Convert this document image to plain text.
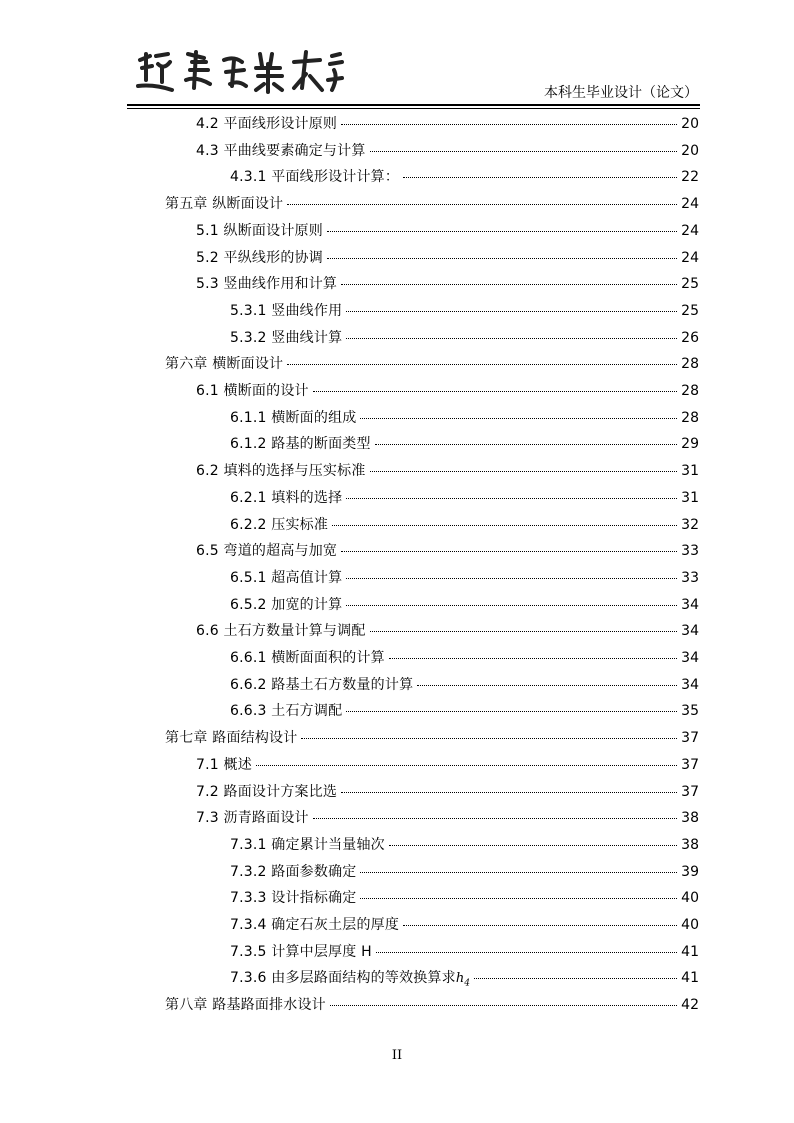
本科生毕业设计（论文）
4.2 平面线形设计原则	20
4.3 平曲线要素确定与计算	20
4.3.1 平面线形设计计算：	22
第五章 纵断面设计	24
5.1 纵断面设计原则	24
5.2 平纵线形的协调	24
5.3 竖曲线作用和计算	25
5.3.1 竖曲线作用	25
5.3.2 竖曲线计算	26
第六章 横断面设计	28
6.1 横断面的设计	28
6.1.1 横断面的组成	28
6.1.2 路基的断面类型	29
6.2 填料的选择与压实标准	31
6.2.1 填料的选择	31
6.2.2 压实标准	32
6.5 弯道的超高与加宽	33
6.5.1 超高值计算	33
6.5.2 加宽的计算	34
6.6 土石方数量计算与调配	34
6.6.1 横断面面积的计算	34
6.6.2 路基土石方数量的计算	34
6.6.3 土石方调配	35
第七章 路面结构设计	37
7.1 概述	37
7.2 路面设计方案比选	37
7.3 沥青路面设计	38
7.3.1 确定累计当量轴次	38
7.3.2 路面参数确定	39
7.3.3 设计指标确定	40
7.3.4 确定石灰土层的厚度	40
7.3.5 计算中层厚度 H	41
7.3.6 由多层路面结构的等效换算求 $h_4$	41
第八章 路基路面排水设计	42
II
